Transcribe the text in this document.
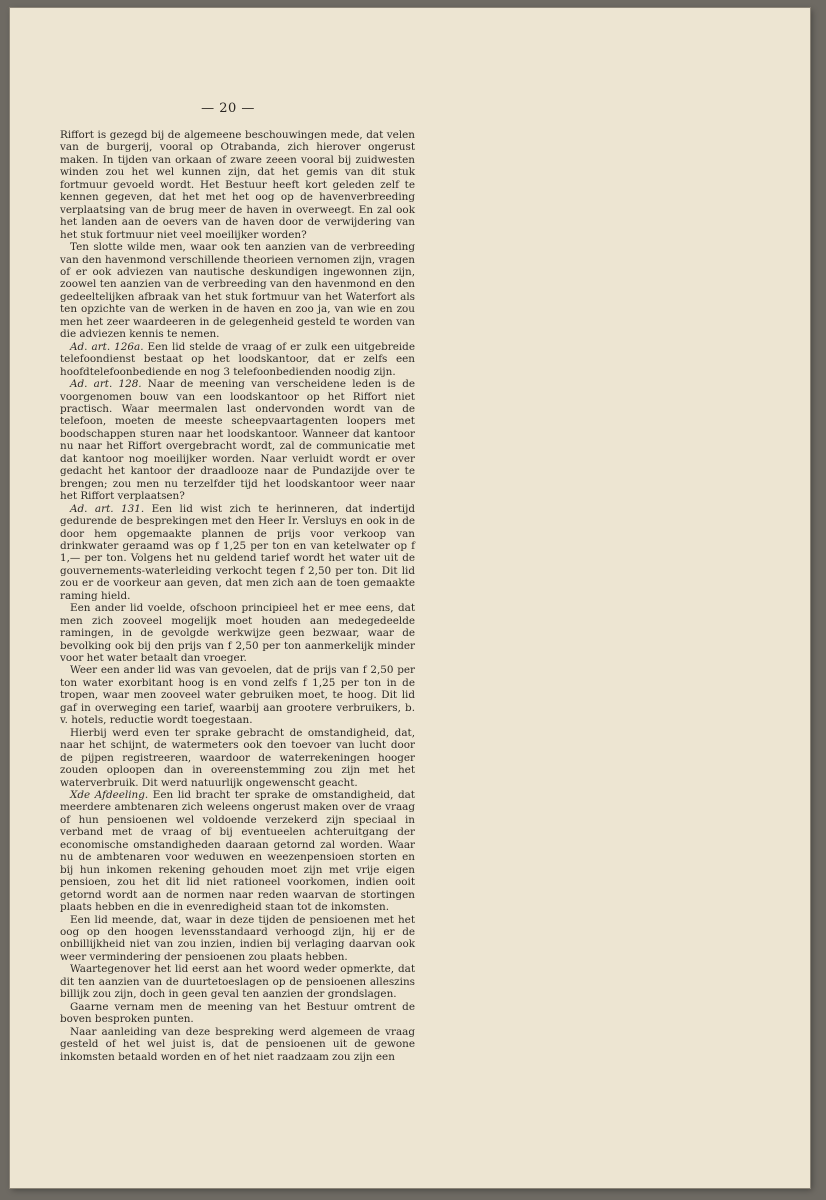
— 20 —

Riffort is gezegd bij de algemeene beschouwingen mede, dat velen van de burgerij, vooral op Otrabanda, zich hierover ongerust maken. In tijden van orkaan of zware zeeen vooral bij zuidwesten winden zou het wel kunnen zijn, dat het gemis van dit stuk fortmuur gevoeld wordt. Het Bestuur heeft kort geleden zelf te kennen gegeven, dat het met het oog op de havenverbreeding verplaatsing van de brug meer de haven in overweegt. En zal ook het landen aan de oevers van de haven door de verwijdering van het stuk fortmuur niet veel moeilijker worden?

Ten slotte wilde men, waar ook ten aanzien van de verbreeding van den havenmond verschillende theorieen vernomen zijn, vragen of er ook adviezen van nautische deskundigen ingewonnen zijn, zoowel ten aanzien van de verbreeding van den havenmond en den gedeeltelijken afbraak van het stuk fortmuur van het Waterfort als ten opzichte van de werken in de haven en zoo ja, van wie en zou men het zeer waardeeren in de gelegenheid gesteld te worden van die adviezen kennis te nemen.

Ad. art. 126a. Een lid stelde de vraag of er zulk een uitgebreide telefoondienst bestaat op het loodskantoor, dat er zelfs een hoofdtelefoonbediende en nog 3 telefoonbedienden noodig zijn.

Ad. art. 128. Naar de meening van verscheidene leden is de voorgenomen bouw van een loodskantoor op het Riffort niet practisch. Waar meermalen last ondervonden wordt van de telefoon, moeten de meeste scheepvaartagenten loopers met boodschappen sturen naar het loodskantoor. Wanneer dat kantoor nu naar het Riffort overgebracht wordt, zal de communicatie met dat kantoor nog moeilijker worden. Naar verluidt wordt er over gedacht het kantoor der draadlooze naar de Pundazijde over te brengen; zou men nu terzelfder tijd het loodskantoor weer naar het Riffort verplaatsen?

Ad. art. 131. Een lid wist zich te herinneren, dat indertijd gedurende de besprekingen met den Heer Ir. Versluys en ook in de door hem opgemaakte plannen de prijs voor verkoop van drinkwater geraamd was op f 1,25 per ton en van ketelwater op f 1,— per ton. Volgens het nu geldend tarief wordt het water uit de gouvernements-waterleiding verkocht tegen f 2,50 per ton. Dit lid zou er de voorkeur aan geven, dat men zich aan de toen gemaakte raming hield.

Een ander lid voelde, ofschoon principieel het er mee eens, dat men zich zooveel mogelijk moet houden aan medegedeelde ramingen, in de gevolgde werkwijze geen bezwaar, waar de bevolking ook bij den prijs van f 2,50 per ton aanmerkelijk minder voor het water betaalt dan vroeger.

Weer een ander lid was van gevoelen, dat de prijs van f 2,50 per ton water exorbitant hoog is en vond zelfs f 1,25 per ton in de tropen, waar men zooveel water gebruiken moet, te hoog. Dit lid gaf in overweging een tarief, waarbij aan grootere verbruikers, b. v. hotels, reductie wordt toegestaan.

Hierbij werd even ter sprake gebracht de omstandigheid, dat, naar het schijnt, de watermeters ook den toevoer van lucht door de pijpen registreeren, waardoor de waterrekeningen hooger zouden oploopen dan in overeenstemming zou zijn met het waterverbruik. Dit werd natuurlijk ongewenscht geacht.

Xde Afdeeling. Een lid bracht ter sprake de omstandigheid, dat meerdere ambtenaren zich weleens ongerust maken over de vraag of hun pensioenen wel voldoende verzekerd zijn speciaal in verband met de vraag of bij eventueelen achteruitgang der economische omstandigheden daaraan getornd zal worden. Waar nu de ambtenaren voor weduwen en weezenpensioen storten en bij hun inkomen rekening gehouden moet zijn met vrije eigen pensioen, zou het dit lid niet rationeel voorkomen, indien ooit getornd wordt aan de normen naar reden waarvan de stortingen plaats hebben en die in evenredigheid staan tot de inkomsten.

Een lid meende, dat, waar in deze tijden de pensioenen met het oog op den hoogen levensstandaard verhoogd zijn, hij er de onbillijkheid niet van zou inzien, indien bij verlaging daarvan ook weer vermindering der pensioenen zou plaats hebben.

Waartegenover het lid eerst aan het woord weder opmerkte, dat dit ten aanzien van de duurtetoeslagen op de pensioenen alleszins billijk zou zijn, doch in geen geval ten aanzien der grondslagen.

Gaarne vernam men de meening van het Bestuur omtrent de boven besproken punten.

Naar aanleiding van deze bespreking werd algemeen de vraag gesteld of het wel juist is, dat de pensioenen uit de gewone inkomsten betaald worden en of het niet raadzaam zou zijn een
